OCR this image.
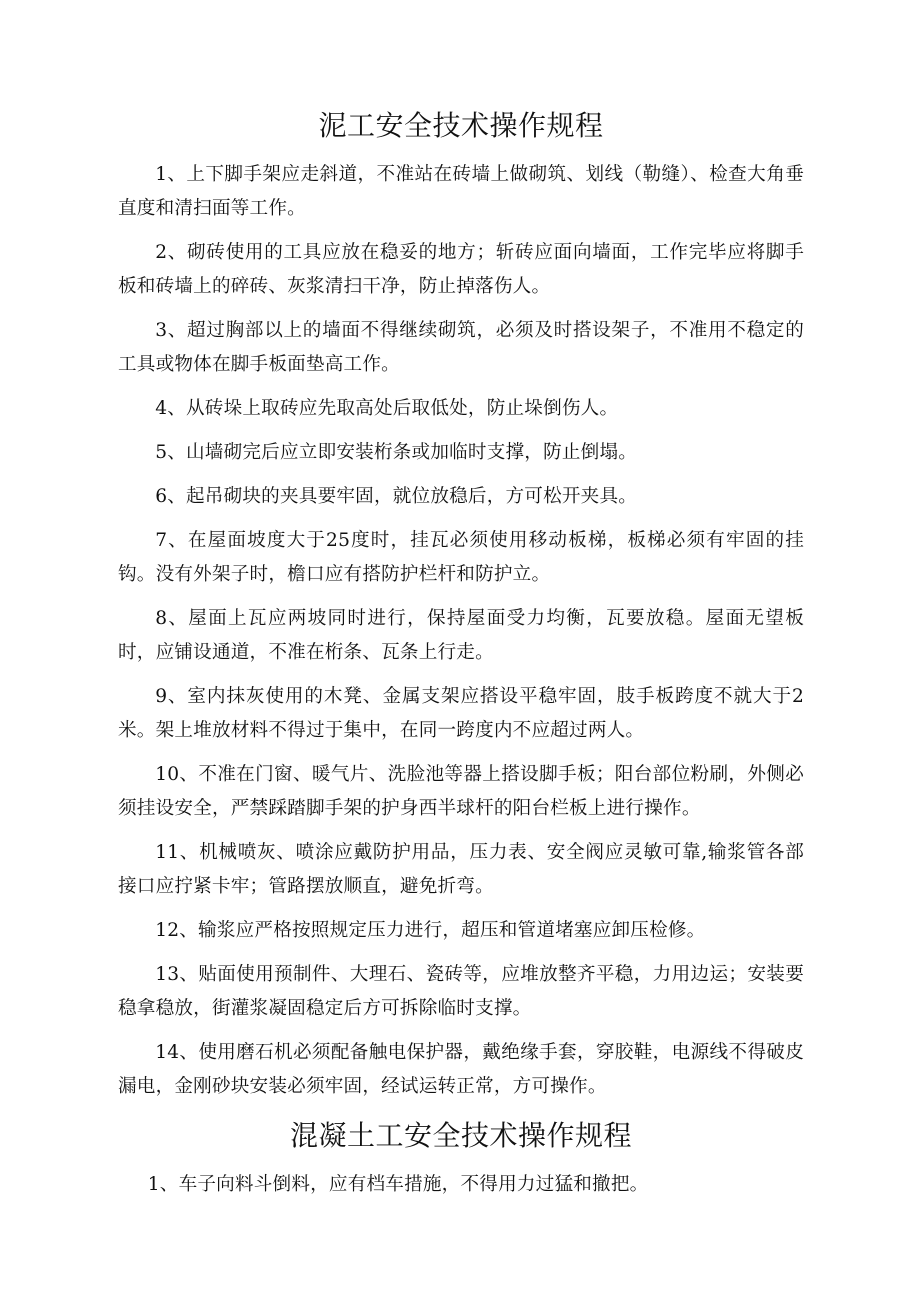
泥工安全技术操作规程

1、上下脚手架应走斜道，不准站在砖墙上做砌筑、划线（勒缝）、检查大角垂直度和清扫面等工作。

2、砌砖使用的工具应放在稳妥的地方；斩砖应面向墙面，工作完毕应将脚手板和砖墙上的碎砖、灰浆清扫干净，防止掉落伤人。

3、超过胸部以上的墙面不得继续砌筑，必须及时搭设架子，不准用不稳定的工具或物体在脚手板面垫高工作。

4、从砖垛上取砖应先取高处后取低处，防止垛倒伤人。

5、山墙砌完后应立即安装桁条或加临时支撑，防止倒塌。

6、起吊砌块的夹具要牢固，就位放稳后，方可松开夹具。

7、在屋面坡度大于25度时，挂瓦必须使用移动板梯，板梯必须有牢固的挂钩。没有外架子时，檐口应有搭防护栏杆和防护立。

8、屋面上瓦应两坡同时进行，保持屋面受力均衡，瓦要放稳。屋面无望板时，应铺设通道，不准在桁条、瓦条上行走。

9、室内抹灰使用的木凳、金属支架应搭设平稳牢固，肢手板跨度不就大于2米。架上堆放材料不得过于集中，在同一跨度内不应超过两人。

10、不准在门窗、暖气片、洗脸池等器上搭设脚手板；阳台部位粉刷，外侧必须挂设安全，严禁踩踏脚手架的护身西半球杆的阳台栏板上进行操作。

11、机械喷灰、喷涂应戴防护用品，压力表、安全阀应灵敏可靠,输浆管各部接口应拧紧卡牢；管路摆放顺直，避免折弯。

12、输浆应严格按照规定压力进行，超压和管道堵塞应卸压检修。

13、贴面使用预制件、大理石、瓷砖等，应堆放整齐平稳，力用边运；安装要稳拿稳放，街灌浆凝固稳定后方可拆除临时支撑。

14、使用磨石机必须配备触电保护器，戴绝缘手套，穿胶鞋，电源线不得破皮漏电，金刚砂块安装必须牢固，经试运转正常，方可操作。

混凝土工安全技术操作规程

1、车子向料斗倒料，应有档车措施，不得用力过猛和撤把。
